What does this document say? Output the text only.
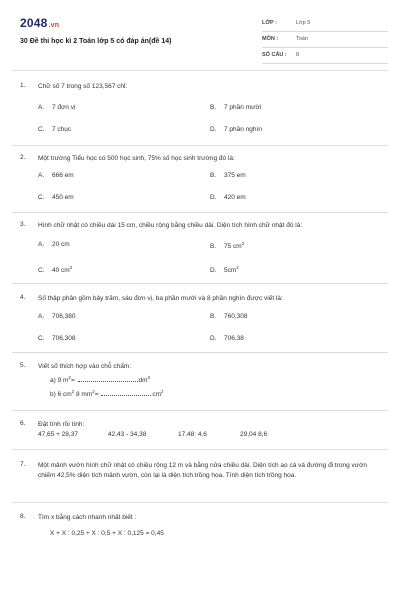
2048.vn
30 Đề thi học kì 2 Toán lớp 5 có đáp án(đề 14)
LỚP :	Lớp 5
MÔN :	Toán
SỐ CÂU : 8
1. Chữ số 7 trong số 123,567 chỉ:
A. 7 đơn vị	B. 7 phần mười
C. 7 chục	D. 7 phần nghìn
2. Một trường Tiểu học có 500 học sinh, 75% số học sinh trường đó là:
A. 666 em	B. 375 em
C. 450 em	D. 420 em
3. Hình chữ nhật có chiều dài 15 cm, chiều rộng bằng chiều dài. Diện tích hình chữ nhật đó là:
A. 20 cm	B. 75 $cm^2$
C. 40 $cm^2$	D. $5cm^2$
4. Số thập phân gồm bảy trăm, sáu đơn vị, ba phần mười và 8 phần nghìn được viết là:
A. 706,380	B. 760,308
C. 706,308	D. 706,38
5. Viết số thích hợp vào chỗ chấm:
a) 9 $m^2=$	$dm^2$
b) 6 $cm^2$ 8 $mm^2=$	$cm^2$
6. Đặt tính rồi tính:
47,65 + 28,37	42,43 - 34,38	17,48: 4,6	29,04 8,6
7. Một mảnh vườn hình chữ nhật có chiều rộng 12 m và bằng nửa chiều dài. Diện tích ao cá và đường đi trong vườn chiếm 42,5% diện tích mảnh vườn, còn lại là diện tích trồng hoa. Tính diện tích trồng hoa.
8. Tìm x bằng cách nhanh nhất biết :
X + X : 0,25 + X : 0,5 + X : 0,125 = 0,45
